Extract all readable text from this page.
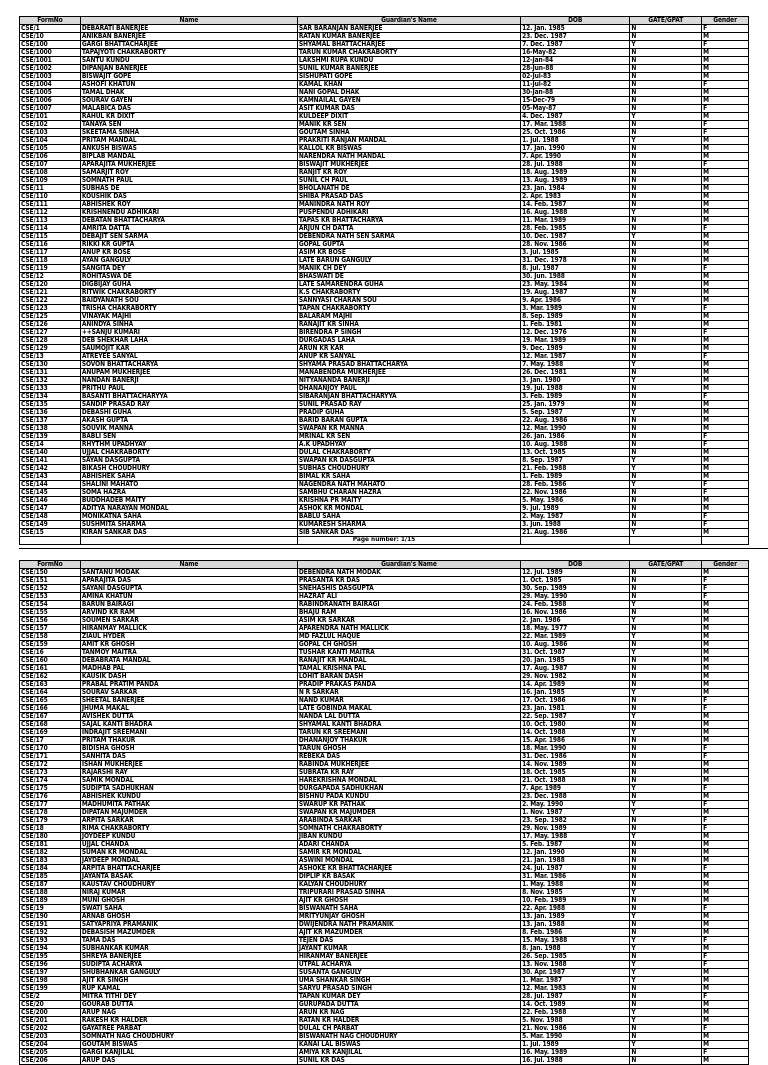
FormNo	Name	Guardian's Name	DOB	GATE/GPAT	Gender
CSE/1	DEBARATI BANERJEE	SAR BARANJAN BANERJEE	12. Jan. 1985	N	F
CSE/10	ANIKBAN BANERJEE	RATAN KUMAR BANERJEE	23. Dec. 1987	N	M
CSE/100	GARGI BHATTACHARJEE	SHYAMAL BHATTACHARJEE	7. Dec. 1987	Y	F
CSE/1000	TAPAJYOTI CHAKRABORTY	TARUN KUMAR CHAKRABORTY	16-May-82	N	M
CSE/1001	SANTU KUNDU	LAKSHMI RUPA KUNDU	12-Jan-84	N	M
CSE/1002	DIPANJAN BANERJEE	SUNIL KUMAR BANERJEE	28-Jun-88	N	M
CSE/1003	BISWAJIT GOPE	SISHUPATI GOPE	02-Jul-83	N	M
CSE/1004	ASHOFI KHATUN	KAMAL KHAN	11-Jul-82	N	F
CSE/1005	TAMAL DHAK	NANI GOPAL DHAK	30-Jan-88	N	M
CSE/1006	SOURAV GAYEN	KAMNAILAL GAYEN	15-Dec-79	N	M
CSE/1007	MALABICA DAS	ASIT KUMAR DAS	05-May-87	N	F
CSE/101	RAHUL KR DIXIT	KULDEEP DIXIT	4. Dec. 1987	Y	M
CSE/102	TANAYA SEN	MANIK KR SEN	17. Mar. 1988	N	F
CSE/103	SKEETAMA SINHA	GOUTAM SINHA	25. Oct. 1986	N	F
CSE/104	PRITAM MANDAL	PRAKRITI RANJAN MANDAL	1. Jul. 1988	Y	M
CSE/105	ANKUSH BISWAS	KALLOL KR BISWAS	17. Jan. 1990	N	M
CSE/106	BIPLAB MANDAL	NARENDRA NATH MANDAL	7. Apr. 1990	N	M
CSE/107	APARAJITA MUKHERJEE	BISWAJIT MUKHERJEE	28. Jul. 1988	N	F
CSE/108	SAMARJIT ROY	RANJIT KR ROY	18. Aug. 1989	N	M
CSE/109	SOMNATH PAUL	SUNIL CH PAUL	13. Aug. 1989	N	M
CSE/11	SUBHAS DE	BHOLANATH DE	23. Jan. 1984	N	M
CSE/110	KOUSHIK DAS	SHIBA PRASAD DAS	2. Apr. 1983	N	M
CSE/111	ABHISHEK ROY	MANINDRA NATH ROY	14. Feb. 1987	N	M
CSE/112	KRISHNENDU ADHIKARI	PUSPENDU ADHIKARI	16. Aug. 1988	Y	M
CSE/113	DEBATAN BHATTACHARYA	TAPAS KR BHATTACHARYA	11. Mar. 1989	N	M
CSE/114	AMRITA DATTA	ARJUN CH DATTA	28. Feb. 1985	N	F
CSE/115	DEBAJIT SEN SARMA	DEBENDRA NATH SEN SARMA	10. Dec. 1987	Y	M
CSE/116	RIKKI KR GUPTA	GOPAL GUPTA	28. Nov. 1986	N	M
CSE/117	ANUP KR BOSE	ASIM KR BOSE	3. Jul. 1985	N	M
CSE/118	AYAN GANGULY	LATE BARUN GANGULY	31. Dec. 1978	N	M
CSE/119	SANGITA DEY	MANIK CH DEY	8. Jul. 1987	N	F
CSE/12	ROHITASWA DE	BHASWATI DE	30. Jun. 1988	N	M
CSE/120	DIGBIJAY GUHA	LATE SAMARENDRA GUHA	23. May. 1984	N	M
CSE/121	RITWIK CHAKRABORTY	K.S CHAKRABORTY	19. Aug. 1987	N	M
CSE/122	BAIDYANATH SOU	SANNYASI CHARAN SOU	9. Apr. 1986	Y	M
CSE/123	TRISHA CHAKRABORTY	TAPAN CHAKRABORTY	3. Mar. 1989	N	F
CSE/125	VINAYAK MAJHI	BALARAM MAJHI	8. Sep. 1989	N	M
CSE/126	ANINDYA SINHA	RANAJIT KR SINHA	1. Feb. 1981	N	M
CSE/127	++SANJU KUMARI	BIRENDRA P SINGH	12. Dec. 1976	N	F
CSE/128	DEB SHEKHAR LAHA	DURGADAS LAHA	19. Mar. 1989	N	M
CSE/129	SAUMOJIT KAR	ARUN KR KAR	9. Dec. 1989	N	M
CSE/13	ATREYEE SANYAL	ANUP KR SANYAL	12. Mar. 1987	N	F
CSE/130	SOVON BHATTACHARYA	SHYAMA PRASAD BHATTACHARYA	7. May. 1988	Y	M
CSE/131	ANUPAM MUKHERJEE	MANABENDRA MUKHERJEE	26. Dec. 1981	N	M
CSE/132	NANDAN BANERJI	NITYANANDA BANERJI	3. Jan. 1980	Y	M
CSE/133	PRITHU PAUL	DHANANJOY PAUL	19. Jul. 1988	N	M
CSE/134	BASANTI BHATTACHARYYA	SIBARANJAN BHATTACHARYYA	3. Feb. 1989	N	F
CSE/135	SANDIP PRASAD RAY	SUNIL PRASAD RAY	25. Jan. 1979	N	M
CSE/136	DEBASHI GUHA	PRADIP GUHA	5. Sep. 1987	Y	M
CSE/137	AKASH GUPTA	BARID BARAN GUPTA	22. Aug. 1986	N	M
CSE/138	SOUVIK MANNA	SWAPAN KR MANNA	12. Mar. 1990	N	M
CSE/139	BABLI SEN	MRINAL KR SEN	26. Jan. 1986	N	F
CSE/14	RHYTHM UPADHYAY	A.K UPADHYAY	10. Aug. 1988	N	F
CSE/140	UJJAL CHAKRABORTY	DULAL CHAKRABORTY	13. Oct. 1985	N	M
CSE/141	SAYAN DASGUPTA	SWAPAN KR DASGUPTA	8. Sep. 1987	Y	M
CSE/142	BIKASH CHOUDHURY	SUBHAS CHOUDHURY	21. Feb. 1988	Y	M
CSE/143	ABHISHEK SAHA	BIMAL KR SAHA	1. Feb. 1989	N	M
CSE/144	SHALINI MAHATO	NAGENDRA NATH MAHATO	28. Feb. 1986	Y	F
CSE/145	SOMA HAZRA	SAMBHU CHARAN HAZRA	22. Nov. 1986	N	F
CSE/146	BUDDHADEB MAITY	KRISHNA PR MAITY	5. May. 1986	N	M
CSE/147	ADITYA NARAYAN MONDAL	ASHOK KR MONDAL	9. Jul. 1989	N	M
CSE/148	MONIKATNA SAHA	BABLU SAHA	2. May. 1987	N	F
CSE/149	SUSHMITA SHARMA	KUMARESH SHARMA	3. Jun. 1988	N	F
CSE/15	KIRAN SANKAR DAS	SIB SANKAR DAS	21. Aug. 1986	Y	M

Page number: 1/15
FormNo	Name	Guardian's Name	DOB	GATE/GPAT	Gender
CSE/150	SANTANU MODAK	DEBENDRA NATH MODAK	12. Jul. 1989	N	M
CSE/151	APARAJITA DAS	PRASANTA KR DAS	1. Oct. 1985	N	F
CSE/152	SAYANI DASGUPTA	SNEHASHIS DASGUPTA	30. Sep. 1989	N	F
CSE/153	AMINA KHATUN	HAZRAT ALI	29. May. 1990	N	F
CSE/154	BARUN BAIRAGI	RABINDRANATH BAIRAGI	24. Feb. 1988	Y	M
CSE/155	ARVIND KR RAM	BHAJU RAM	16. Nov. 1986	N	M
CSE/156	SOUMEN SARKAR	ASIM KR SARKAR	2. Jan. 1986	Y	M
CSE/157	HIRANMAY MALLICK	APARENDRA NATH MALLICK	18. May. 1977	N	M
CSE/158	ZIAUL HYDER	MD FAZLUL HAQUE	22. Mar. 1989	Y	M
CSE/159	AMIT KR GHOSH	GOPAL CH GHOSH	10. Aug. 1986	N	M
CSE/16	TANMOY MAITRA	TUSHAR KANTI MAITRA	31. Oct. 1987	Y	M
CSE/160	DEBABRATA MANDAL	RANAJIT KR MANDAL	20. Jan. 1985	N	M
CSE/161	MADHAB PAL	TAMAL KRISHNA PAL	17. Aug. 1987	N	M
CSE/162	KAUSIK DASH	LOHIT BARAN DASH	29. Nov. 1982	N	M
CSE/163	PRABAL PRATIM PANDA	PRADIP PRAKAS PANDA	14. Apr. 1989	N	M
CSE/164	SOURAV SARKAR	N R SARKAR	16. Jan. 1985	Y	M
CSE/165	SHEETAL BANERJEE	NAND KUMAR	17. Oct. 1986	N	F
CSE/166	JHUMA MAKAL	LATE GOBINDA MAKAL	23. Jan. 1981	N	F
CSE/167	AVISHEK DUTTA	NANDA LAL DUTTA	22. Sep. 1987	Y	M
CSE/168	SAJAL KANTI BHADRA	SHYAMAL KANTI BHADRA	10. Oct. 1980	N	M
CSE/169	INDRAJIT SREEMANI	TARUN KR SREEMANI	14. Oct. 1988	Y	M
CSE/17	PRITAM THAKUR	DHANANJOY THAKUR	15. Apr. 1986	N	M
CSE/170	BIDISHA GHOSH	TARUN GHOSH	18. Mar. 1990	N	F
CSE/171	SANHITA DAS	REBEKA DAS	31. Dec. 1986	N	F
CSE/172	ISHAN MUKHERJEE	RABINDA MUKHERJEE	14. Nov. 1989	N	M
CSE/173	RAJARSHI RAY	SUBRATA KR RAY	18. Oct. 1985	N	M
CSE/174	SAMIK MONDAL	HAREKRISHNA MONDAL	21. Oct. 1988	N	M
CSE/175	SUDIPTA SADHUKHAN	DURGAPADA SADHUKHAN	7. Apr. 1989	Y	F
CSE/176	ABHISHEK KUNDU	BISHNU PADA KUNDU	23. Dec. 1988	N	M
CSE/177	MADHUMITA PATHAK	SWARUP KR PATHAK	2. May. 1990	Y	F
CSE/178	DIPATAN MAJUMDER	SWAPAN KR MAJUMDER	1. Nov. 1987	Y	M
CSE/179	ARPITA SARKAR	ARABINDA SARKAR	23. Sep. 1982	N	F
CSE/18	RIMA CHAKRABORTY	SOMNATH CHAKRABORTY	29. Nov. 1989	N	F
CSE/180	JOYDEEP KUNDU	JIBAN KUNDU	17. May. 1988	Y	M
CSE/181	UJJAL CHANDA	ADARI CHANDA	5. Feb. 1987	N	M
CSE/182	SUMAN KR MONDAL	SAMIR KR MONDAL	12. Jan. 1990	N	M
CSE/183	JAYDEEP MONDAL	ASWINI MONDAL	21. Jan. 1988	N	M
CSE/184	ARPITA BHATTACHARJEE	ASHOKE KR BHATTACHARJEE	24. Jul. 1987	N	F
CSE/185	JAYANTA BASAK	DIPLIP KR BASAK	31. Mar. 1986	N	M
CSE/187	KAUSTAV CHOUDHURY	KALYAN CHOUDHURY	1. May. 1988	N	M
CSE/188	NIRAJ KUMAR	TRIPURARI PRASAD SINHA	8. Nov. 1985	Y	M
CSE/189	MUNI GHOSH	AJIT KR GHOSH	10. Feb. 1989	N	M
CSE/19	SWATI SAHA	BISWANATH SAHA	22. Apr. 1988	N	F
CSE/190	ARNAB GHOSH	MRITYUNJAY GHOSH	13. Jan. 1989	Y	M
CSE/191	SATYAPRIYA PRAMANIK	DWIJENDRA NATH PRAMANIK	13. Jan. 1988	N	M
CSE/192	DEBASISH MAZUMDER	AJIT KR MAZUMDER	8. Feb. 1986	N	M
CSE/193	TAMA DAS	TEJEN DAS	15. May. 1988	Y	F
CSE/194	SUBHANKAR KUMAR	JAYANT KUMAR	8. Jan. 1988	Y	M
CSE/195	SHREYA BANERJEE	HIRANMAY BANERJEE	26. Sep. 1985	N	F
CSE/196	SUDIPTA ACHARYA	UTPAL ACHARYA	13. Nov. 1988	Y	F
CSE/197	SHUBHANKAR GANGULY	SUSANTA GANGULY	30. Apr. 1987	Y	M
CSE/198	AJIT KR SINGH	UMA SHANKAR SINGH	1. Mar. 1987	Y	M
CSE/199	RUP KAMAL	SARYU PRASAD SINGH	12. Mar. 1983	N	M
CSE/2	MITRA TITHI DEY	TAPAN KUMAR DEY	28. Jul. 1987	N	F
CSE/20	GOURAB DUTTA	GURUPADA DUTTA	14. Oct. 1989	N	M
CSE/200	ARUP NAG	ARUN KR NAG	22. Feb. 1988	Y	M
CSE/201	RAKESH KR HALDER	RATAN KR HALDER	5. Nov. 1988	Y	M
CSE/202	GAYATREE PARBAT	DULAL CH PARBAT	21. Nov. 1986	N	F
CSE/203	SOMNATH NAG CHOUDHURY	BISWANATH NAG CHOUDHURY	5. Mar. 1990	N	M
CSE/204	GOUTAM BISWAS	KANAI LAL BISWAS	1. Jul. 1989	Y	M
CSE/205	GARGI KANJILAL	AMIYA KR KANJILAL	16. May. 1989	N	F
CSE/206	ARUP DAS	SUNIL KR DAS	16. Jul. 1988	N	M
